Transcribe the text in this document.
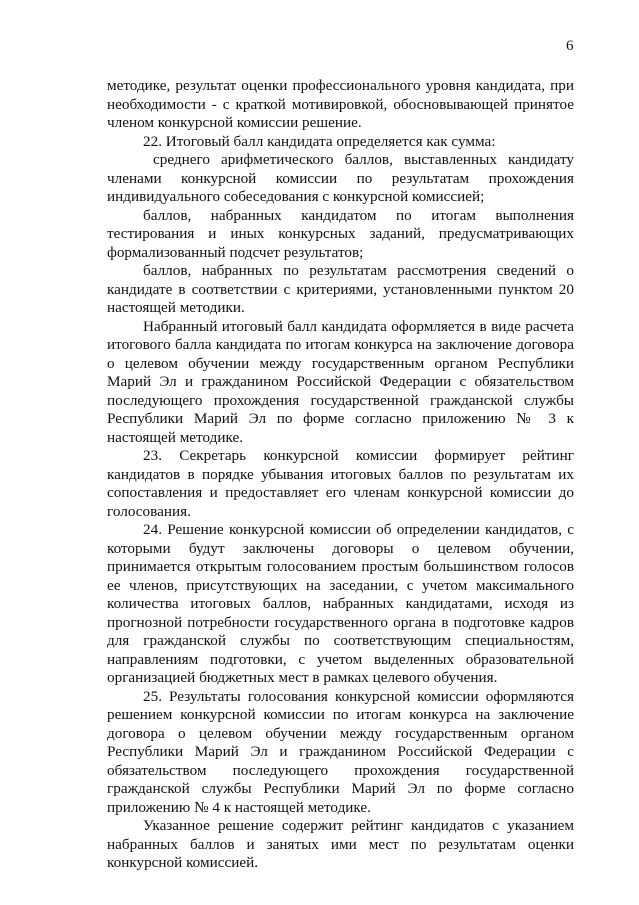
6

методике, результат оценки профессионального уровня кандидата, при необходимости - с краткой мотивировкой, обосновывающей принятое членом конкурсной комиссии решение.

22. Итоговый балл кандидата определяется как сумма:

среднего арифметического баллов, выставленных кандидату членами конкурсной комиссии по результатам прохождения индивидуального собеседования с конкурсной комиссией;

баллов, набранных кандидатом по итогам выполнения тестирования и иных конкурсных заданий, предусматривающих формализованный подсчет результатов;

баллов, набранных по результатам рассмотрения сведений о кандидате в соответствии с критериями, установленными пунктом 20 настоящей методики.

Набранный итоговый балл кандидата оформляется в виде расчета итогового балла кандидата по итогам конкурса на заключение договора о целевом обучении между государственным органом Республики Марий Эл и гражданином Российской Федерации с обязательством последующего прохождения государственной гражданской службы Республики Марий Эл по форме согласно приложению № 3 к настоящей методике.

23. Секретарь конкурсной комиссии формирует рейтинг кандидатов в порядке убывания итоговых баллов по результатам их сопоставления и предоставляет его членам конкурсной комиссии до голосования.

24. Решение конкурсной комиссии об определении кандидатов, с которыми будут заключены договоры о целевом обучении, принимается открытым голосованием простым большинством голосов ее членов, присутствующих на заседании, с учетом максимального количества итоговых баллов, набранных кандидатами, исходя из прогнозной потребности государственного органа в подготовке кадров для гражданской службы по соответствующим специальностям, направлениям подготовки, с учетом выделенных образовательной организацией бюджетных мест в рамках целевого обучения.

25. Результаты голосования конкурсной комиссии оформляются решением конкурсной комиссии по итогам конкурса на заключение договора о целевом обучении между государственным органом Республики Марий Эл и гражданином Российской Федерации с обязательством последующего прохождения государственной гражданской службы Республики Марий Эл по форме согласно приложению № 4 к настоящей методике.

Указанное решение содержит рейтинг кандидатов с указанием набранных баллов и занятых ими мест по результатам оценки конкурсной комиссией.
